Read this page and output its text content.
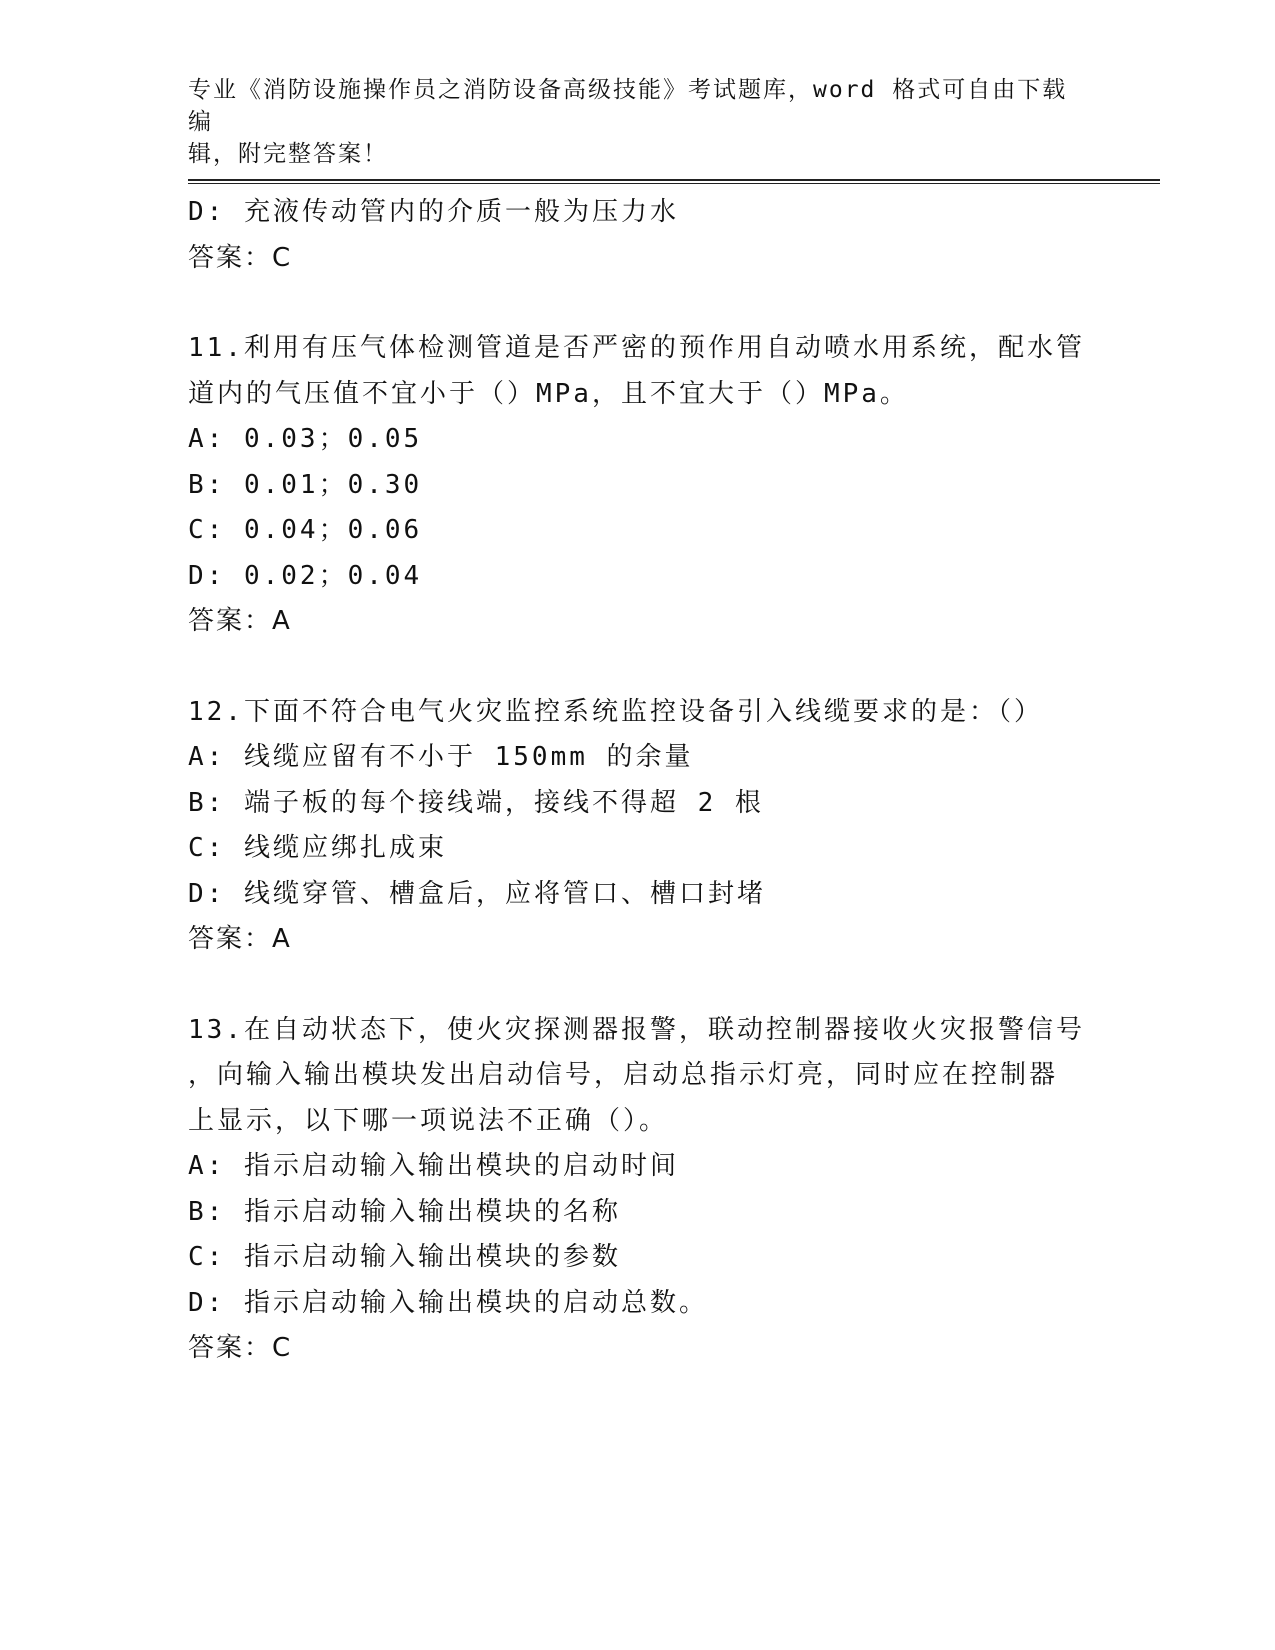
专业《消防设施操作员之消防设备高级技能》考试题库，word 格式可自由下载编
辑，附完整答案！
D: 充液传动管内的介质一般为压力水
答案：C
11.利用有压气体检测管道是否严密的预作用自动喷水用系统，配水管
道内的气压值不宜小于（）MPa，且不宜大于（）MPa。
A: 0.03；0.05
B: 0.01；0.30
C: 0.04；0.06
D: 0.02；0.04
答案：A
12.下面不符合电气火灾监控系统监控设备引入线缆要求的是：（）
A: 线缆应留有不小于 150mm 的余量
B: 端子板的每个接线端，接线不得超 2 根
C: 线缆应绑扎成束
D: 线缆穿管、槽盒后，应将管口、槽口封堵
答案：A
13.在自动状态下，使火灾探测器报警，联动控制器接收火灾报警信号
，向输入输出模块发出启动信号，启动总指示灯亮，同时应在控制器
上显示，以下哪一项说法不正确（）。
A: 指示启动输入输出模块的启动时间
B: 指示启动输入输出模块的名称
C: 指示启动输入输出模块的参数
D: 指示启动输入输出模块的启动总数。
答案：C
